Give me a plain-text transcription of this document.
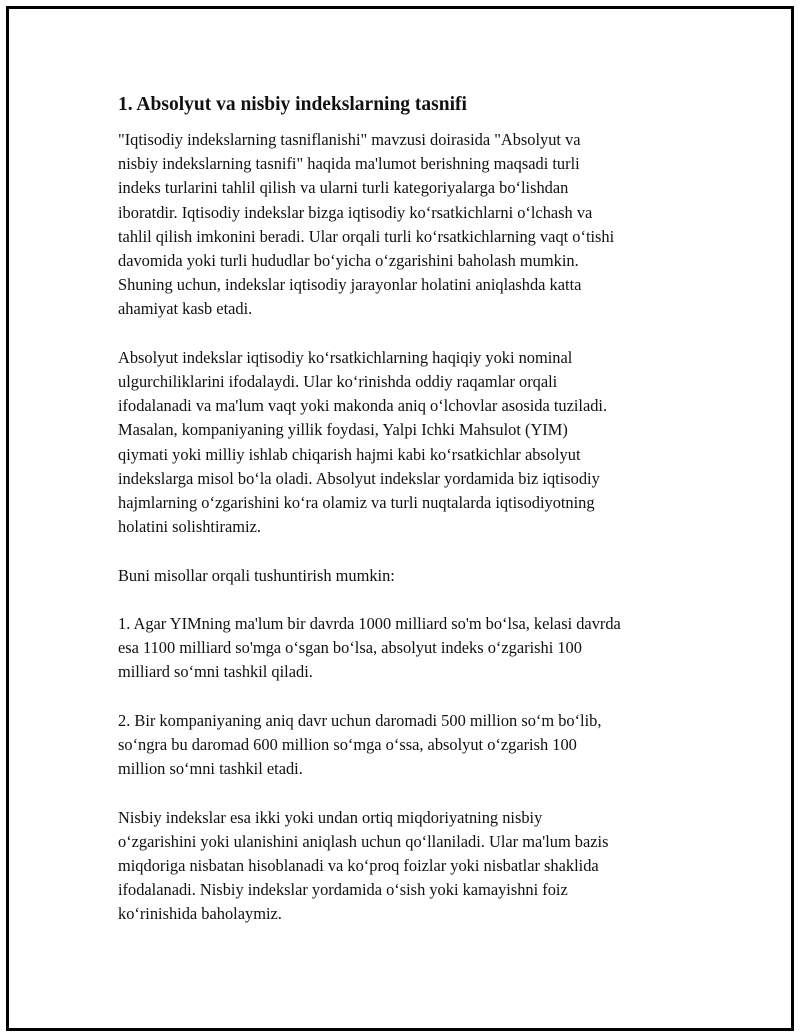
1. Absolyut va nisbiy indekslarning tasnifi
"Iqtisodiy indekslarning tasniflanishi" mavzusi doirasida "Absolyut va
nisbiy indekslarning tasnifi" haqida ma'lumot berishning maqsadi turli
indeks turlarini tahlil qilish va ularni turli kategoriyalarga bo‘lishdan
iboratdir. Iqtisodiy indekslar bizga iqtisodiy ko‘rsatkichlarni o‘lchash va
tahlil qilish imkonini beradi. Ular orqali turli ko‘rsatkichlarning vaqt o‘tishi
davomida yoki turli hududlar bo‘yicha o‘zgarishini baholash mumkin.
Shuning uchun, indekslar iqtisodiy jarayonlar holatini aniqlashda katta
ahamiyat kasb etadi.
Absolyut indekslar iqtisodiy ko‘rsatkichlarning haqiqiy yoki nominal
ulgurchiliklarini ifodalaydi. Ular ko‘rinishda oddiy raqamlar orqali
ifodalanadi va ma'lum vaqt yoki makonda aniq o‘lchovlar asosida tuziladi.
Masalan, kompaniyaning yillik foydasi, Yalpi Ichki Mahsulot (YIM)
qiymati yoki milliy ishlab chiqarish hajmi kabi ko‘rsatkichlar absolyut
indekslarga misol bo‘la oladi. Absolyut indekslar yordamida biz iqtisodiy
hajmlarning o‘zgarishini ko‘ra olamiz va turli nuqtalarda iqtisodiyotning
holatini solishtiramiz.
Buni misollar orqali tushuntirish mumkin:
1. Agar YIMning ma'lum bir davrda 1000 milliard so'm bo‘lsa, kelasi davrda
esa 1100 milliard so'mga o‘sgan bo‘lsa, absolyut indeks o‘zgarishi 100
milliard so‘mni tashkil qiladi.
2. Bir kompaniyaning aniq davr uchun daromadi 500 million so‘m bo‘lib,
so‘ngra bu daromad 600 million so‘mga o‘ssa, absolyut o‘zgarish 100
million so‘mni tashkil etadi.
Nisbiy indekslar esa ikki yoki undan ortiq miqdoriyatning nisbiy
o‘zgarishini yoki ulanishini aniqlash uchun qo‘llaniladi. Ular ma'lum bazis
miqdoriga nisbatan hisoblanadi va ko‘proq foizlar yoki nisbatlar shaklida
ifodalanadi. Nisbiy indekslar yordamida o‘sish yoki kamayishni foiz
ko‘rinishida baholaymiz.
